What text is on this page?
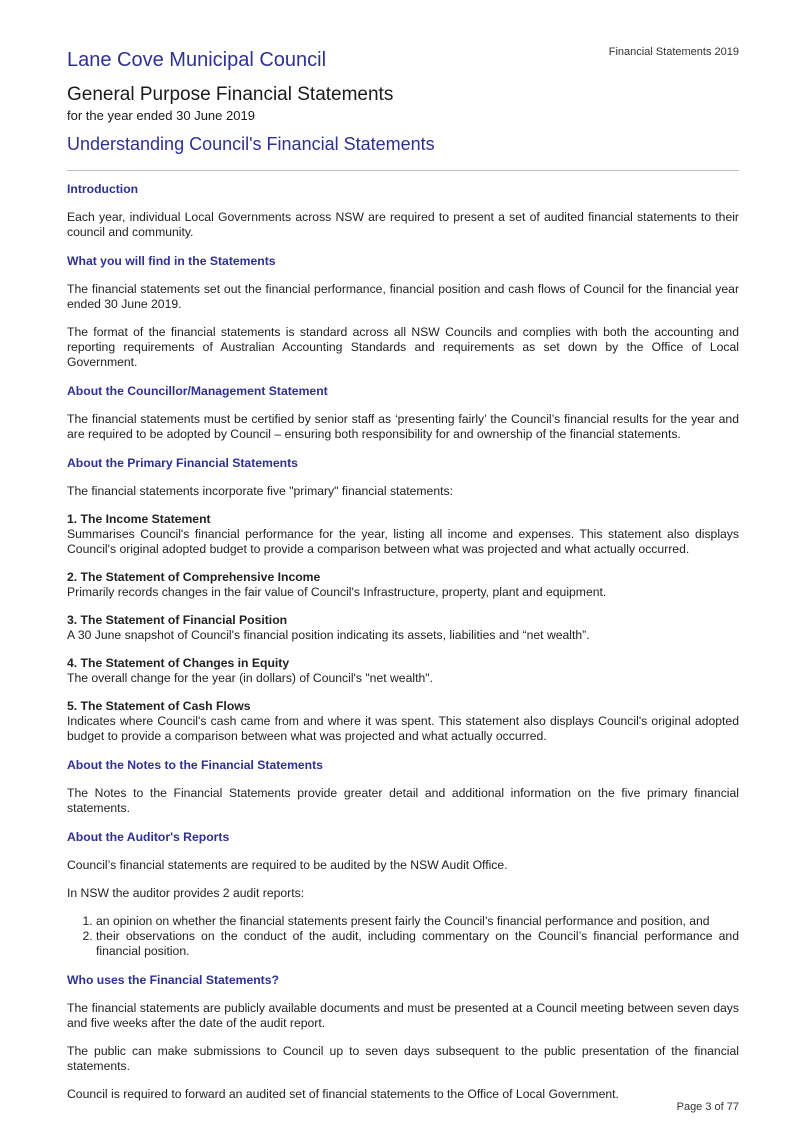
Financial Statements 2019
Lane Cove Municipal Council
General Purpose Financial Statements
for the year ended 30 June 2019
Understanding Council's Financial Statements
Introduction

Each year, individual Local Governments across NSW are required to present a set of audited financial statements to their council and community.

What you will find in the Statements

The financial statements set out the financial performance, financial position and cash flows of Council for the financial year ended 30 June 2019.

The format of the financial statements is standard across all NSW Councils and complies with both the accounting and reporting requirements of Australian Accounting Standards and requirements as set down by the Office of Local Government.

About the Councillor/Management Statement

The financial statements must be certified by senior staff as ‘presenting fairly’ the Council’s financial results for the year and are required to be adopted by Council – ensuring both responsibility for and ownership of the financial statements.

About the Primary Financial Statements

The financial statements incorporate five "primary" financial statements:

1. The Income Statement

Summarises Council's financial performance for the year, listing all income and expenses. This statement also displays Council's original adopted budget to provide a comparison between what was projected and what actually occurred.

2. The Statement of Comprehensive Income

Primarily records changes in the fair value of Council's Infrastructure, property, plant and equipment.

3. The Statement of Financial Position

A 30 June snapshot of Council's financial position indicating its assets, liabilities and “net wealth”.

4. The Statement of Changes in Equity

The overall change for the year (in dollars) of Council's "net wealth".

5. The Statement of Cash Flows

Indicates where Council's cash came from and where it was spent. This statement also displays Council's original adopted budget to provide a comparison between what was projected and what actually occurred.

About the Notes to the Financial Statements

The Notes to the Financial Statements provide greater detail and additional information on the five primary financial statements.

About the Auditor's Reports

Council’s financial statements are required to be audited by the NSW Audit Office.

In NSW the auditor provides 2 audit reports:

1. an opinion on whether the financial statements present fairly the Council’s financial performance and position, and
2. their observations on the conduct of the audit, including commentary on the Council’s financial performance and financial position.
Who uses the Financial Statements?

The financial statements are publicly available documents and must be presented at a Council meeting between seven days and five weeks after the date of the audit report.

The public can make submissions to Council up to seven days subsequent to the public presentation of the financial statements.

Council is required to forward an audited set of financial statements to the Office of Local Government.

Page 3 of 77
